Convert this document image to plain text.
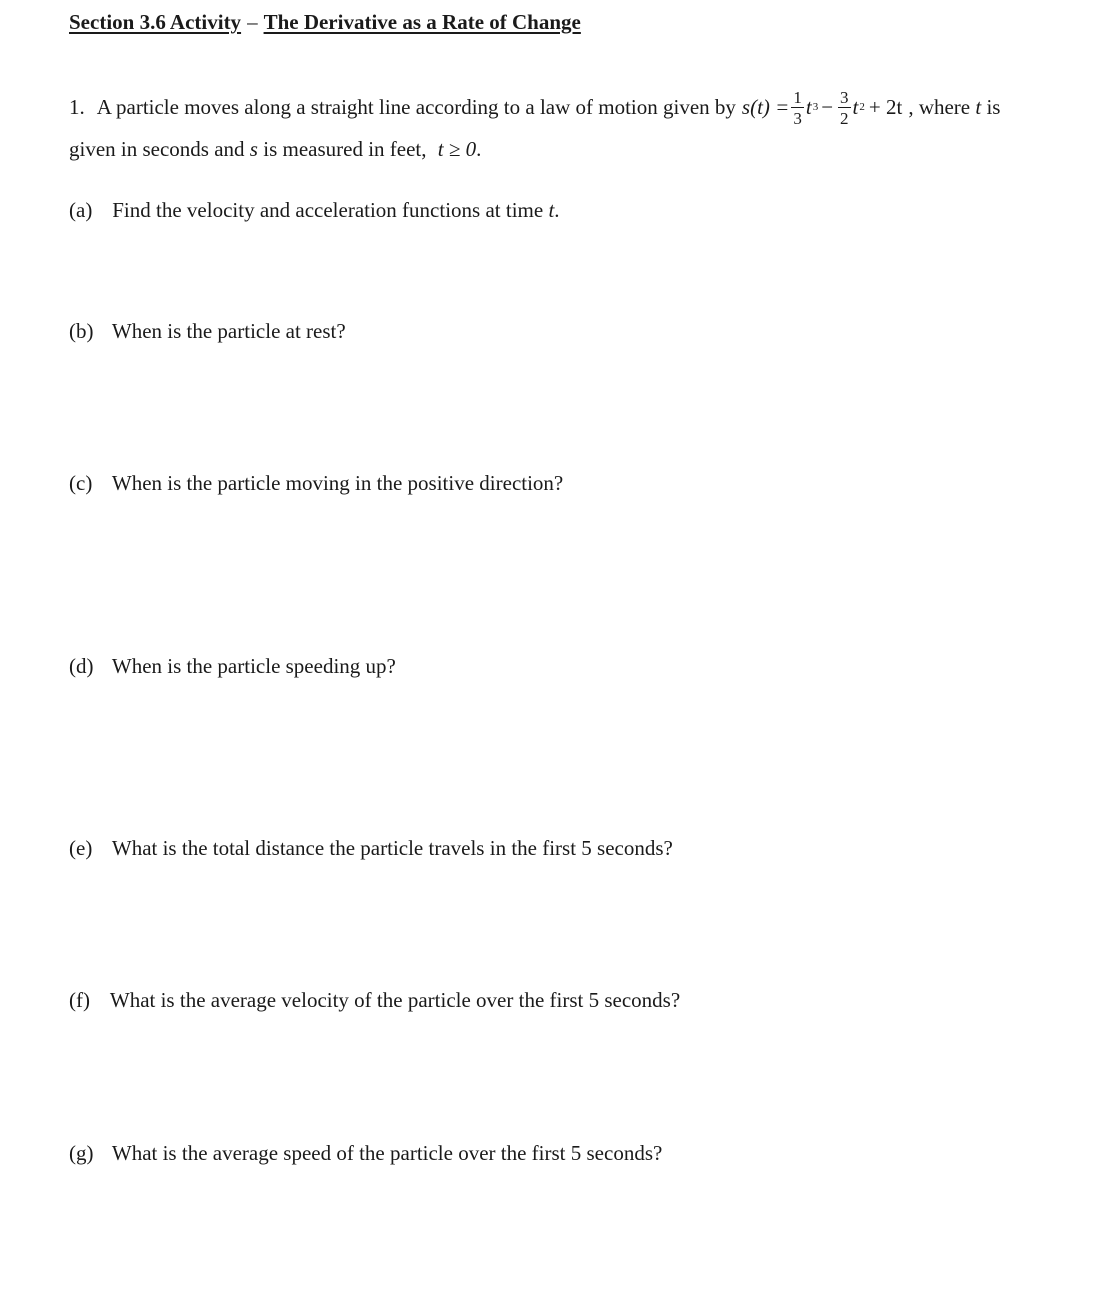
Section 3.6 Activity – The Derivative as a Rate of Change
1. A particle moves along a straight line according to a law of motion given by $s(t) = \frac{1}{3}$ t $3 - \frac{3}{2}$ t 2 + 2t , where
t
is
given in seconds and s is measured in feet, t ≥ 0.
(a) Find the velocity and acceleration functions at time t.
(b) When is the particle at rest?
(c) When is the particle moving in the positive direction?
(d) When is the particle speeding up?
(e) What is the total distance the particle travels in the first 5 seconds?
(f) What is the average velocity of the particle over the first 5 seconds?
(g) What is the average speed of the particle over the first 5 seconds?
